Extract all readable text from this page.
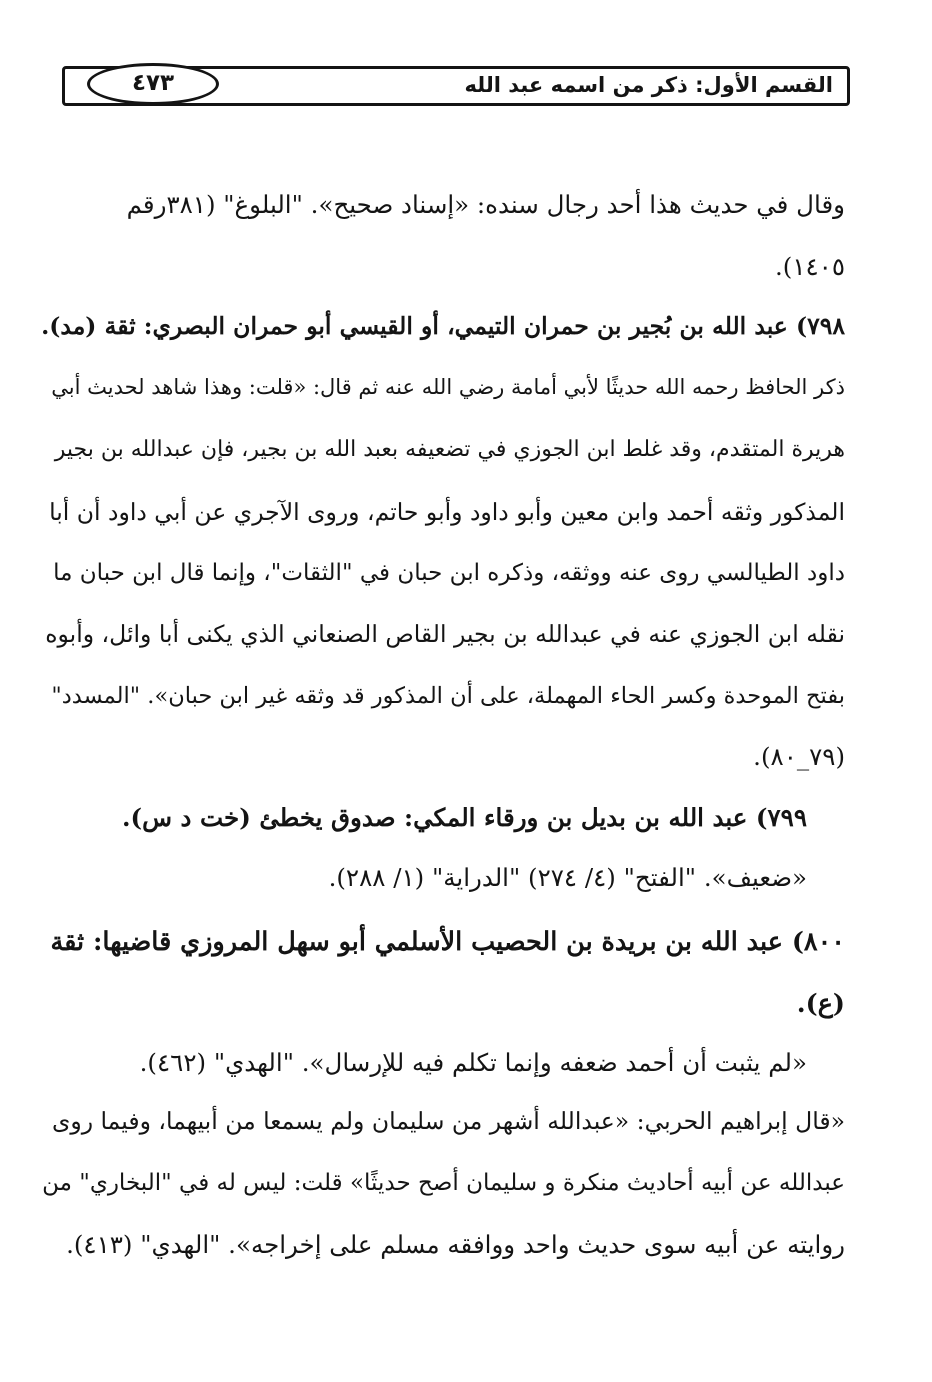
القسم الأول: ذكر من اسمه عبد الله
٤٧٣
وقال في حديث هذا أحد رجال سنده: «إسناد صحيح». "البلوغ" (٣٨١رقم
١٤٠٥).
٧٩٨) عبد الله بن بُجير بن حمران التيمي، أو القيسي أبو حمران البصري: ثقة (مد).
ذكر الحافظ رحمه الله حديثًا لأبي أمامة رضي الله عنه ثم قال: «قلت: وهذا شاهد لحديث أبي
هريرة المتقدم، وقد غلط ابن الجوزي في تضعيفه بعبد الله بن بجير، فإن عبدالله بن بجير
المذكور وثقه أحمد وابن معين وأبو داود وأبو حاتم، وروى الآجري عن أبي داود أن أبا
داود الطيالسي روى عنه ووثقه، وذكره ابن حبان في "الثقات"، وإنما قال ابن حبان ما
نقله ابن الجوزي عنه في عبدالله بن بجير القاص الصنعاني الذي يكنى أبا وائل، وأبوه
بفتح الموحدة وكسر الحاء المهملة، على أن المذكور قد وثقه غير ابن حبان». "المسدد"
(٧٩_٨٠).
٧٩٩) عبد الله بن بديل بن ورقاء المكي: صدوق يخطئ (خت د س).
«ضعيف». "الفتح" (٤/ ٢٧٤) "الدراية" (١/ ٢٨٨).
٨٠٠) عبد الله بن بريدة بن الحصيب الأسلمي أبو سهل المروزي قاضيها: ثقة
(ع).
«لم يثبت أن أحمد ضعفه وإنما تكلم فيه للإرسال». "الهدي" (٤٦٢).
«قال إبراهيم الحربي: «عبدالله أشهر من سليمان ولم يسمعا من أبيهما، وفيما روى
عبدالله عن أبيه أحاديث منكرة و سليمان أصح حديثًا» قلت: ليس له في "البخاري" من
روايته عن أبيه سوى حديث واحد ووافقه مسلم على إخراجه». "الهدي" (٤١٣).
